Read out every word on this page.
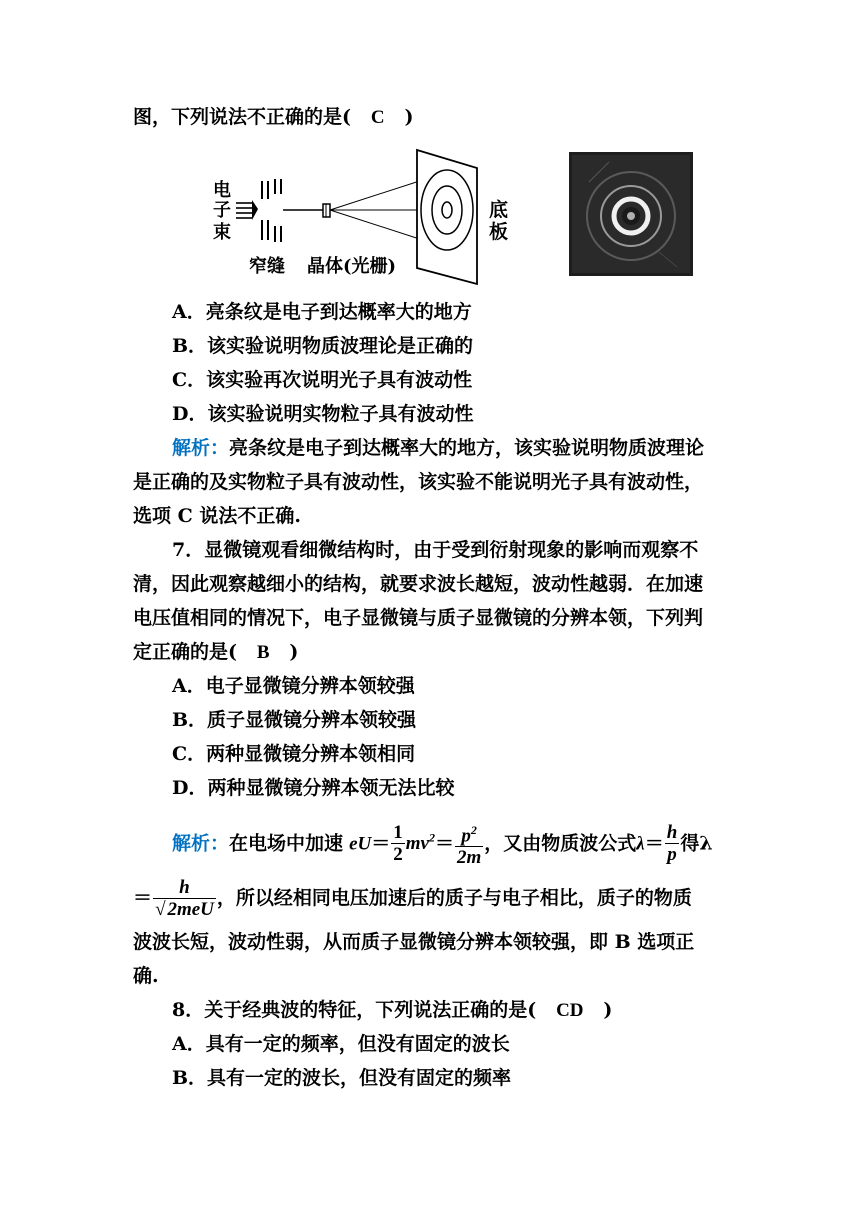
图，下列说法不正确的是( C )
电
子
束
底
板
窄缝 晶体(光栅)
A．亮条纹是电子到达概率大的地方
B．该实验说明物质波理论是正确的
C．该实验再次说明光子具有波动性
D．该实验说明实物粒子具有波动性
解析：亮条纹是电子到达概率大的地方，该实验说明物质波理论
是正确的及实物粒子具有波动性，该实验不能说明光子具有波动性，
选项 C 说法不正确.
7．显微镜观看细微结构时，由于受到衍射现象的影响而观察不
清，因此观察越细小的结构，就要求波长越短，波动性越弱．在加速
电压值相同的情况下，电子显微镜与质子显微镜的分辨本领，下列判
定正确的是( B )
A．电子显微镜分辨本领较强
B．质子显微镜分辨本领较强
C．两种显微镜分辨本领相同
D．两种显微镜分辨本领无法比较
解析：在电场中加速 $eU= \frac{1}{2} mv^2= \frac{p^2}{2m}$ ，又由物质波公式$\lambda= \frac{h}{p}$ 得λ
＝ $\frac{h}{\text{√ 2meU}}$ ，所以经相同电压加速后的质子与电子相比，质子的物质
波波长短，波动性弱，从而质子显微镜分辨本领较强，即 B 选项正
确.
8．关于经典波的特征，下列说法正确的是( CD )
A．具有一定的频率，但没有固定的波长
B．具有一定的波长，但没有固定的频率
